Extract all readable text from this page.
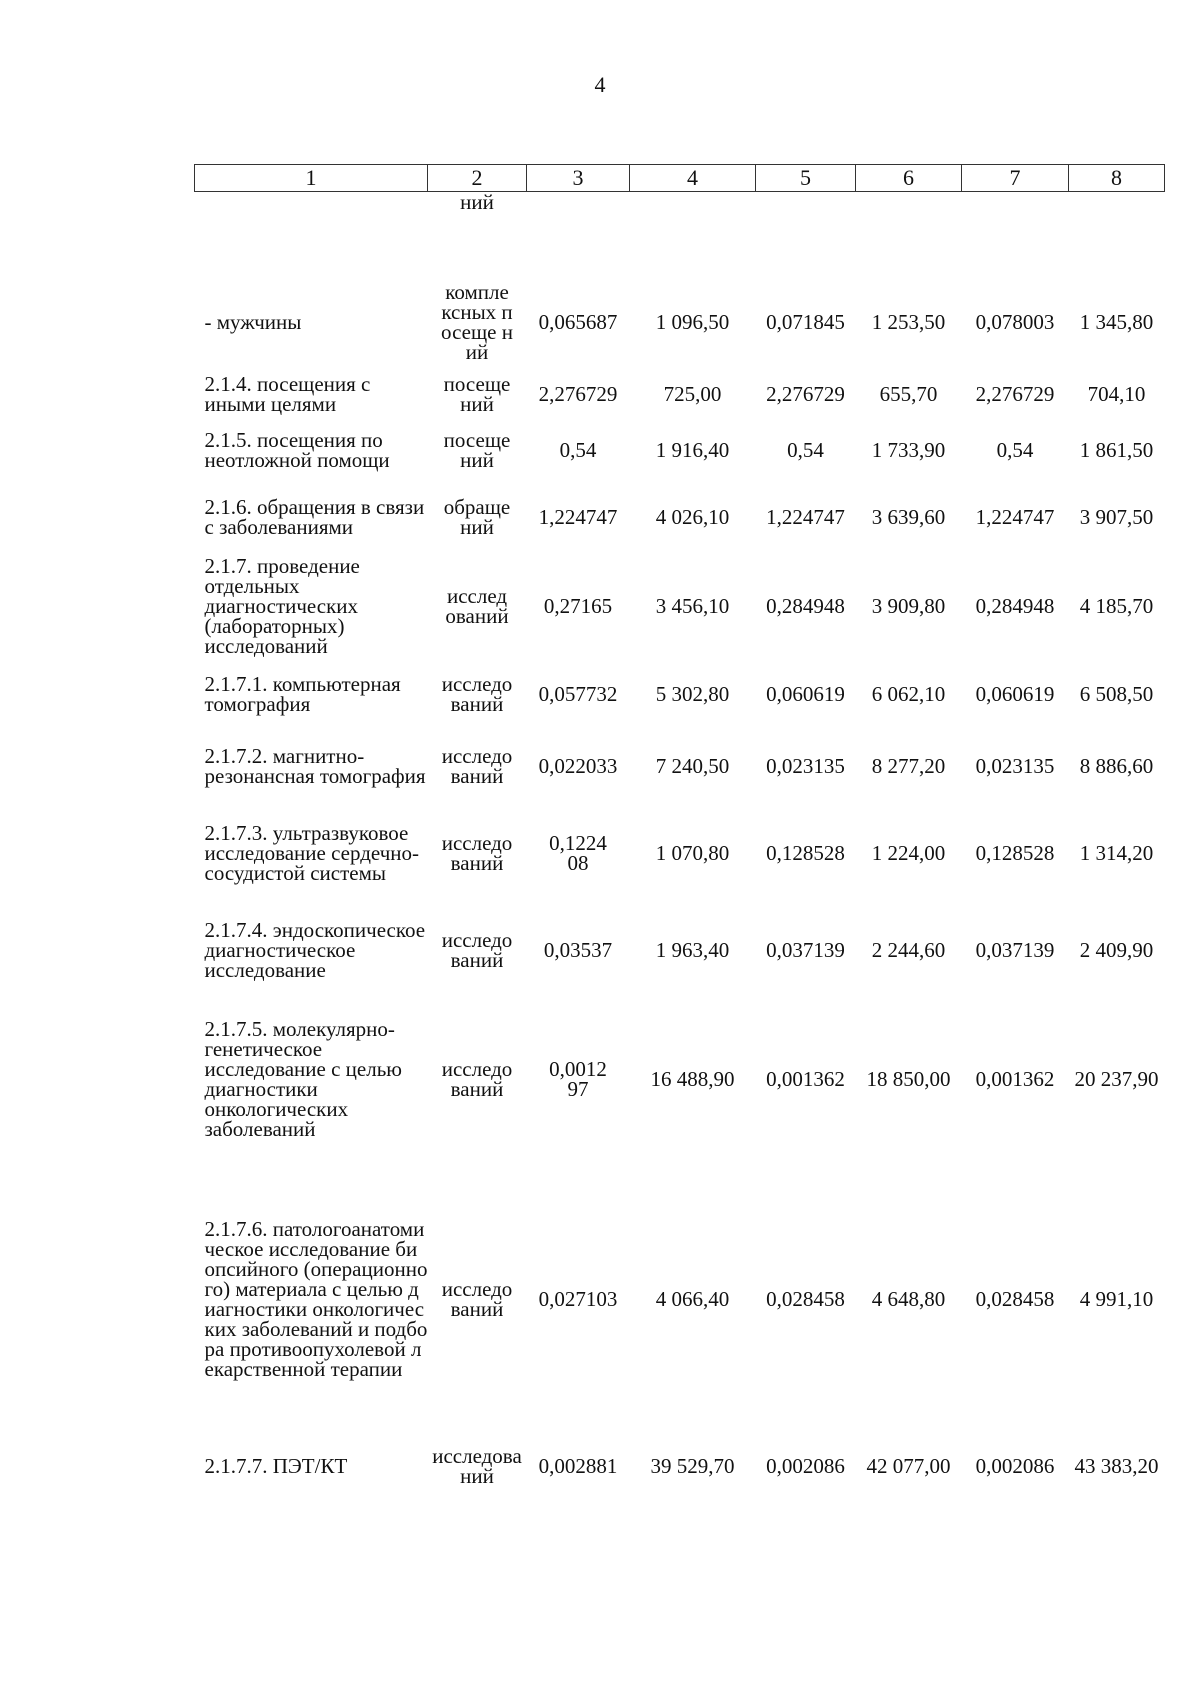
4
1	2	3	4	5	6	7	8
	ний						
- мужчины	компле ксных посеще ний	0,065687	1 096,50	0,071845	1 253,50	0,078003	1 345,80
2.1.4. посещения с иными целями	посеще ний	2,276729	725,00	2,276729	655,70	2,276729	704,10
2.1.5. посещения по неотложной помощи	посеще ний	0,54	1 916,40	0,54	1 733,90	0,54	1 861,50
2.1.6. обращения в связи с заболеваниями	обраще ний	1,224747	4 026,10	1,224747	3 639,60	1,224747	3 907,50
2.1.7. проведение отдельных диагностических (лабораторных) исследований	исслед ований	0,27165	3 456,10	0,284948	3 909,80	0,284948	4 185,70
2.1.7.1. компьютерная томография	исследо ваний	0,057732	5 302,80	0,060619	6 062,10	0,060619	6 508,50
2.1.7.2. магнитно-резонансная томография	исследо ваний	0,022033	7 240,50	0,023135	8 277,20	0,023135	8 886,60
2.1.7.3. ультразвуковое исследование сердечно-сосудистой системы	исследо ваний	0,122408	1 070,80	0,128528	1 224,00	0,128528	1 314,20
2.1.7.4. эндоскопическое диагностическое исследование	исследо ваний	0,03537	1 963,40	0,037139	2 244,60	0,037139	2 409,90
2.1.7.5. молекулярно-генетическое исследование с целью диагностики онкологических заболеваний	исследо ваний	0,001297	16 488,90	0,001362	18 850,00	0,001362	20 237,90
2.1.7.6. патологоанатомическое исследование биопсийного (операционного) материала с целью диагностики онкологических заболеваний и подбора противоопухолевой лекарственной терапии	исследо ваний	0,027103	4 066,40	0,028458	4 648,80	0,028458	4 991,10
2.1.7.7. ПЭТ/КТ	исследова ний	0,002881	39 529,70	0,002086	42 077,00	0,002086	43 383,20
